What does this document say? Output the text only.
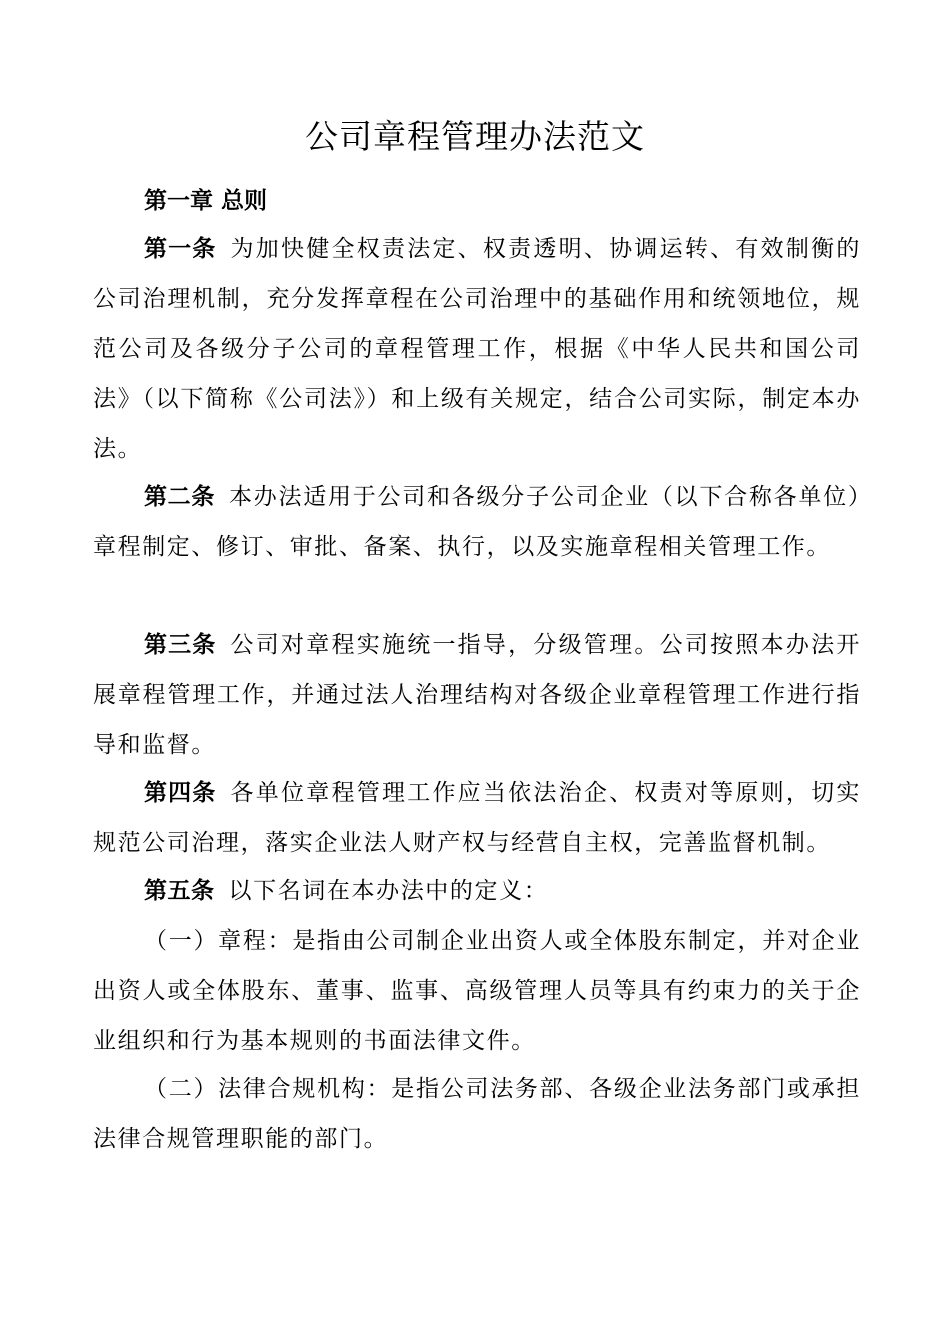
公司章程管理办法范文
第一章 总则

第一条 为加快健全权责法定、权责透明、协调运转、有效制衡的公司治理机制，充分发挥章程在公司治理中的基础作用和统领地位，规范公司及各级分子公司的章程管理工作，根据《中华人民共和国公司法》（以下简称《公司法》）和上级有关规定，结合公司实际，制定本办法。

第二条 本办法适用于公司和各级分子公司企业（以下合称各单位）章程制定、修订、审批、备案、执行，以及实施章程相关管理工作。

第三条 公司对章程实施统一指导，分级管理。公司按照本办法开展章程管理工作，并通过法人治理结构对各级企业章程管理工作进行指导和监督。

第四条 各单位章程管理工作应当依法治企、权责对等原则，切实规范公司治理，落实企业法人财产权与经营自主权，完善监督机制。

第五条 以下名词在本办法中的定义：

（一）章程：是指由公司制企业出资人或全体股东制定，并对企业出资人或全体股东、董事、监事、高级管理人员等具有约束力的关于企业组织和行为基本规则的书面法律文件。

（二）法律合规机构：是指公司法务部、各级企业法务部门或承担法律合规管理职能的部门。
